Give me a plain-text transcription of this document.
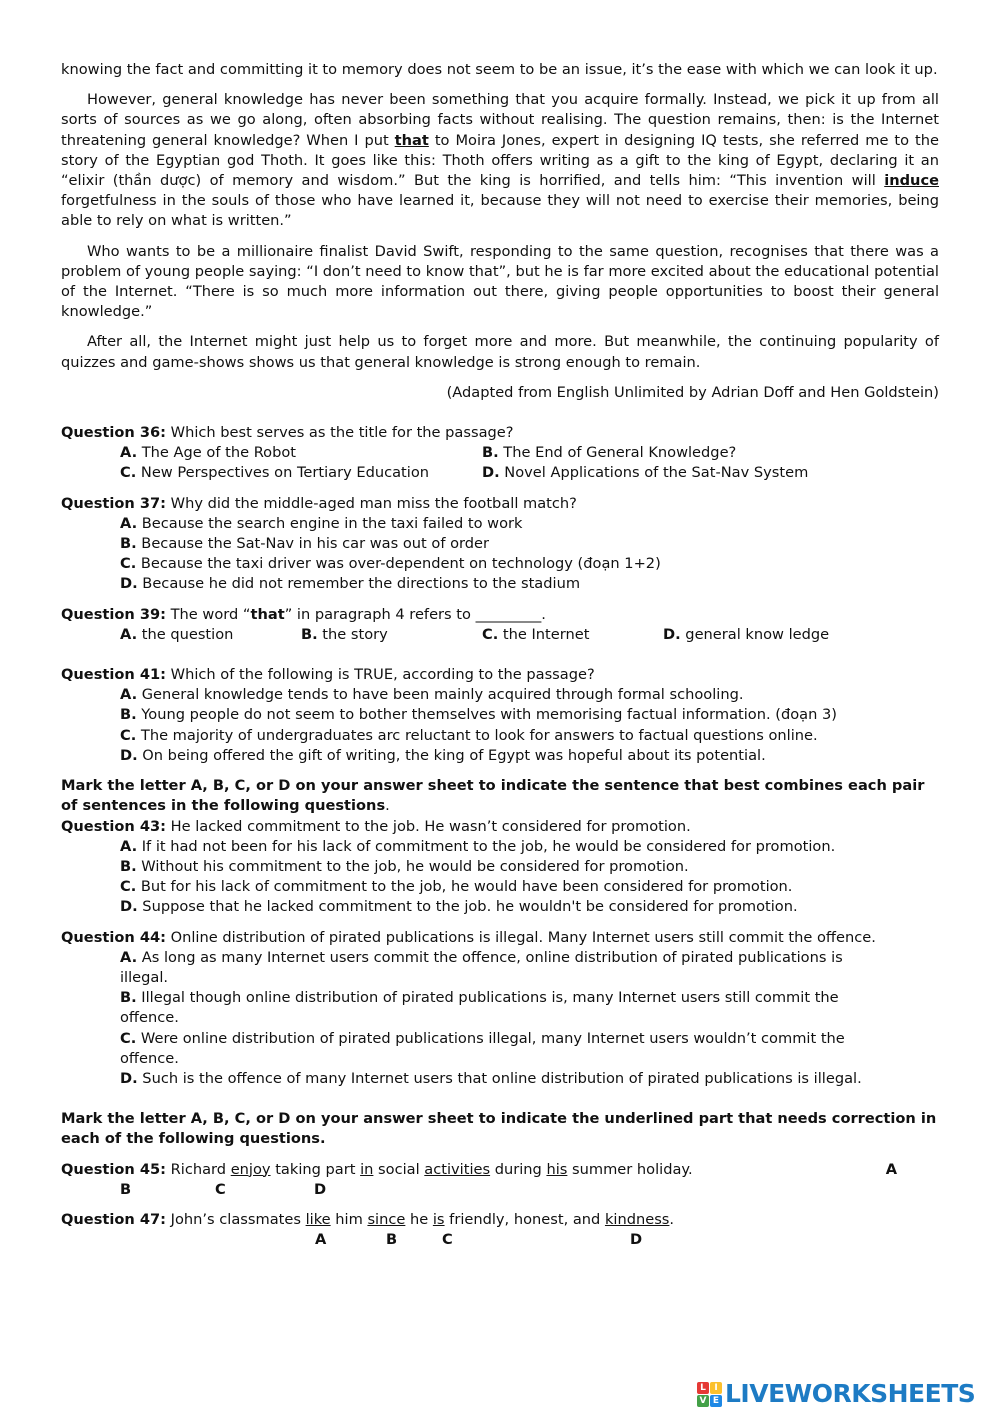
knowing the fact and committing it to memory does not seem to be an issue, it’s the ease with which we can look it up.

However, general knowledge has never been something that you acquire formally. Instead, we pick it up from all sorts of sources as we go along, often absorbing facts without realising. The question remains, then: is the Internet threatening general knowledge? When I put that to Moira Jones, expert in designing IQ tests, she referred me to the story of the Egyptian god Thoth. It goes like this: Thoth offers writing as a gift to the king of Egypt, declaring it an “elixir (thần dược) of memory and wisdom.” But the king is horrified, and tells him: “This invention will induce forgetfulness in the souls of those who have learned it, because they will not need to exercise their memories, being able to rely on what is written.”

Who wants to be a millionaire finalist David Swift, responding to the same question, recognises that there was a problem of young people saying: “I don’t need to know that”, but he is far more excited about the educational potential of the Internet. “There is so much more information out there, giving people opportunities to boost their general knowledge.”

After all, the Internet might just help us to forget more and more. But meanwhile, the continuing popularity of quizzes and game-shows shows us that general knowledge is strong enough to remain.

(Adapted from English Unlimited by Adrian Doff and Hen Goldstein)
Question 36: Which best serves as the title for the passage?
A. The Age of the Robot	B. The End of General Knowledge?
C. New Perspectives on Tertiary Education	D. Novel Applications of the Sat-Nav System
Question 37: Why did the middle-aged man miss the football match?
A. Because the search engine in the taxi failed to work
B. Because the Sat-Nav in his car was out of order
C. Because the taxi driver was over-dependent on technology (đoạn 1+2)
D. Because he did not remember the directions to the stadium
Question 39: The word “that” in paragraph 4 refers to _________.
A. the question	B. the story	C. the Internet	D. general know ledge
Question 41: Which of the following is TRUE, according to the passage?
A. General knowledge tends to have been mainly acquired through formal schooling.
B. Young people do not seem to bother themselves with memorising factual information. (đoạn 3)
C. The majority of undergraduates arc reluctant to look for answers to factual questions online.
D. On being offered the gift of writing, the king of Egypt was hopeful about its potential.
Mark the letter A, B, C, or D on your answer sheet to indicate the sentence that best combines each pair of sentences in the following questions.
Question 43: He lacked commitment to the job. He wasn’t considered for promotion.
A. If it had not been for his lack of commitment to the job, he would be considered for promotion.
B. Without his commitment to the job, he would be considered for promotion.
C. But for his lack of commitment to the job, he would have been considered for promotion.
D. Suppose that he lacked commitment to the job. he wouldn't be considered for promotion.
Question 44: Online distribution of pirated publications is illegal. Many Internet users still commit the offence.
A. As long as many Internet users commit the offence, online distribution of pirated publications is illegal.
B. Illegal though online distribution of pirated publications is, many Internet users still commit the offence.
C. Were online distribution of pirated publications illegal, many Internet users wouldn’t commit the offence.
D. Such is the offence of many Internet users that online distribution of pirated publications is illegal.
Mark the letter A, B, C, or D on your answer sheet to indicate the underlined part that needs correction in each of the following questions.
Question 45: Richard enjoy taking part in social activities during his summer holiday.	A
B	C	D
Question 47: John’s classmates like him since he is friendly, honest, and kindness.
A	B	C	D
L I
V E LIVEWORKSHEETS
